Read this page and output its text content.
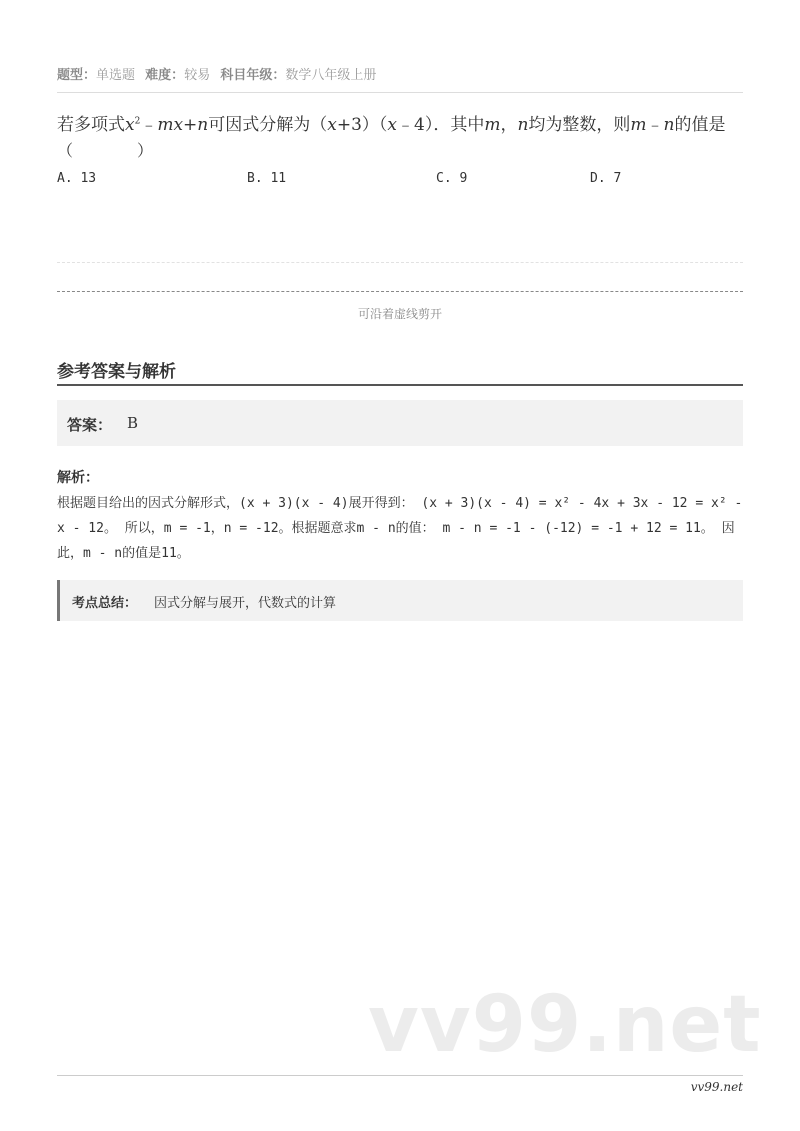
题型：单选题 难度：较易 科目年级：数学八年级上册
若多项式$x^2﹣mx+n$可因式分解为（x+3）（x﹣4）．其中m，n均为整数，则m﹣n的值是
（　　　　）
A. 13	B. 11	C. 9	D. 7
可沿着虚线剪开
参考答案与解析
答案： B
解析：
根据题目给出的因式分解形式，(x + 3)(x - 4)展开得到： (x + 3)(x - 4) = x² - 4x + 3x - 12 = x² - x - 12。 所以，m = -1，n = -12。根据题意求m - n的值： m - n = -1 - (-12) = -1 + 12 = 11。 因此，m - n的值是11。
考点总结： 因式分解与展开，代数式的计算
vv99.net
vv99.net
